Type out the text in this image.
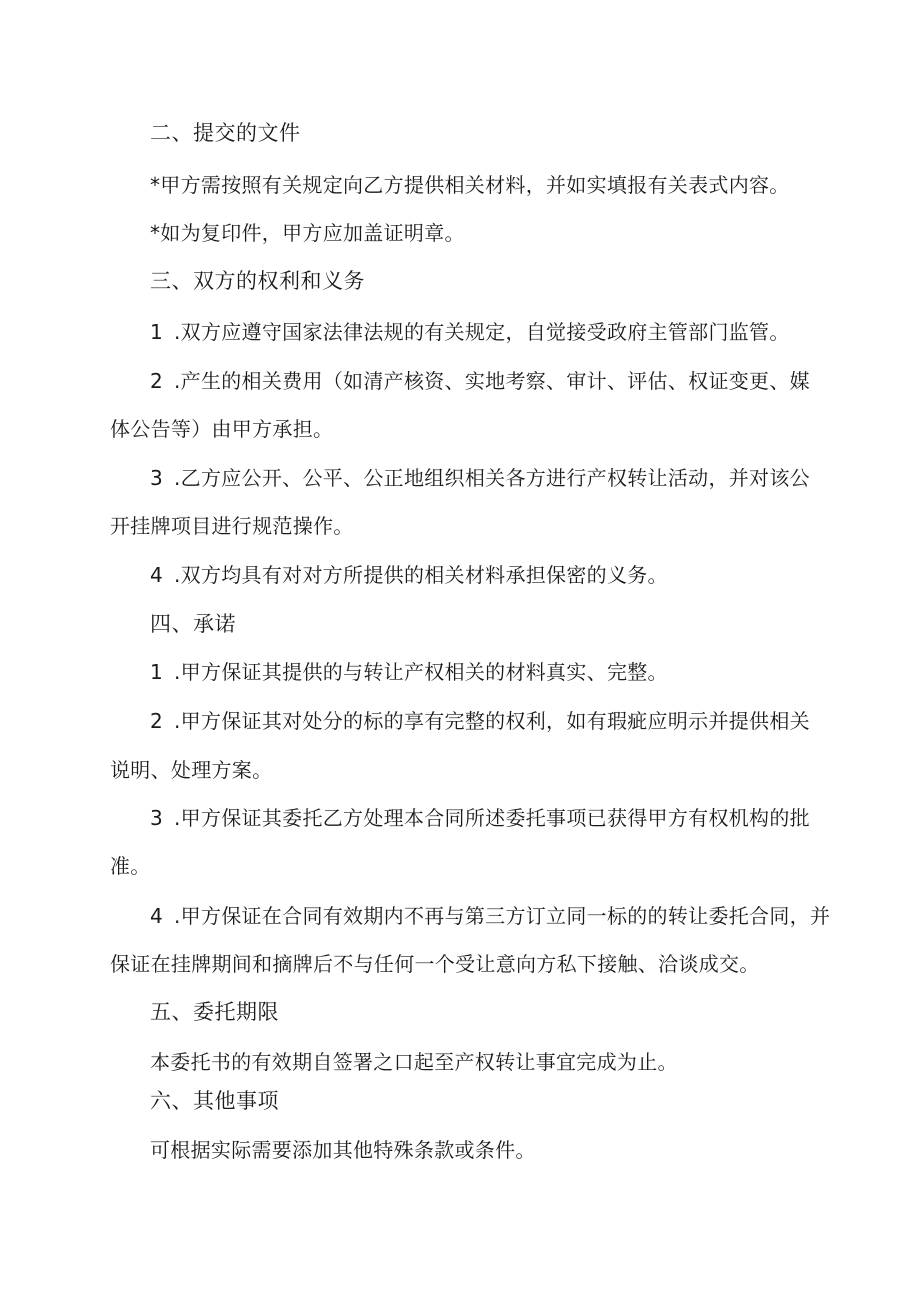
二、提交的文件
*甲方需按照有关规定向乙方提供相关材料，并如实填报有关表式内容。
*如为复印件，甲方应加盖证明章。
三、双方的权利和义务
1 .双方应遵守国家法律法规的有关规定，自觉接受政府主管部门监管。
2 .产生的相关费用（如清产核资、实地考察、审计、评估、权证变更、媒
体公告等）由甲方承担。
3 .乙方应公开、公平、公正地组织相关各方进行产权转让活动，并对该公
开挂牌项目进行规范操作。
4 .双方均具有对对方所提供的相关材料承担保密的义务。
四、承诺
1 .甲方保证其提供的与转让产权相关的材料真实、完整。
2 .甲方保证其对处分的标的享有完整的权利，如有瑕疵应明示并提供相关
说明、处理方案。
3 .甲方保证其委托乙方处理本合同所述委托事项已获得甲方有权机构的批
准。
4 .甲方保证在合同有效期内不再与第三方订立同一标的的转让委托合同，并
保证在挂牌期间和摘牌后不与任何一个受让意向方私下接触、洽谈成交。
五、委托期限
本委托书的有效期自签署之口起至产权转让事宜完成为止。
六、其他事项
可根据实际需要添加其他特殊条款或条件。
